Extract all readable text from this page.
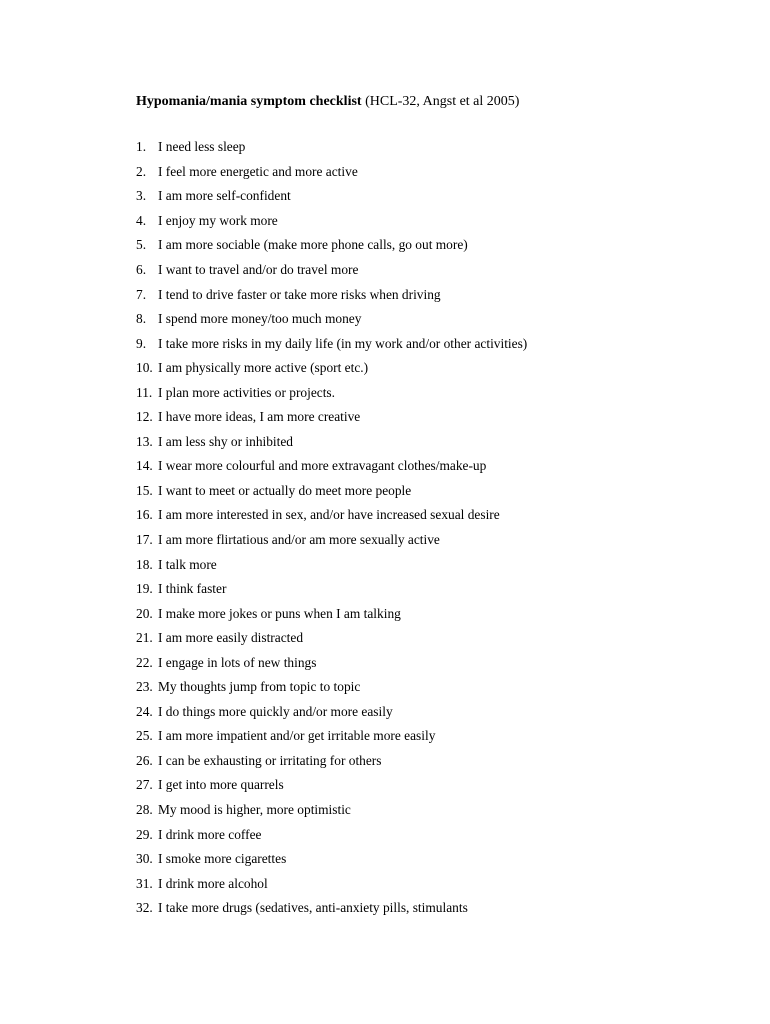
Hypomania/mania symptom checklist (HCL-32, Angst et al 2005)
1. I need less sleep
2. I feel more energetic and more active
3. I am more self-confident
4. I enjoy my work more
5. I am more sociable (make more phone calls, go out more)
6. I want to travel and/or do travel more
7. I tend to drive faster or take more risks when driving
8. I spend more money/too much money
9. I take more risks in my daily life (in my work and/or other activities)
10. I am physically more active (sport etc.)
11. I plan more activities or projects.
12. I have more ideas, I am more creative
13. I am less shy or inhibited
14. I wear more colourful and more extravagant clothes/make-up
15. I want to meet or actually do meet more people
16. I am more interested in sex, and/or have increased sexual desire
17. I am more flirtatious and/or am more sexually active
18. I talk more
19. I think faster
20. I make more jokes or puns when I am talking
21. I am more easily distracted
22. I engage in lots of new things
23. My thoughts jump from topic to topic
24. I do things more quickly and/or more easily
25. I am more impatient and/or get irritable more easily
26. I can be exhausting or irritating for others
27. I get into more quarrels
28. My mood is higher, more optimistic
29. I drink more coffee
30. I smoke more cigarettes
31. I drink more alcohol
32. I take more drugs (sedatives, anti-anxiety pills, stimulants
